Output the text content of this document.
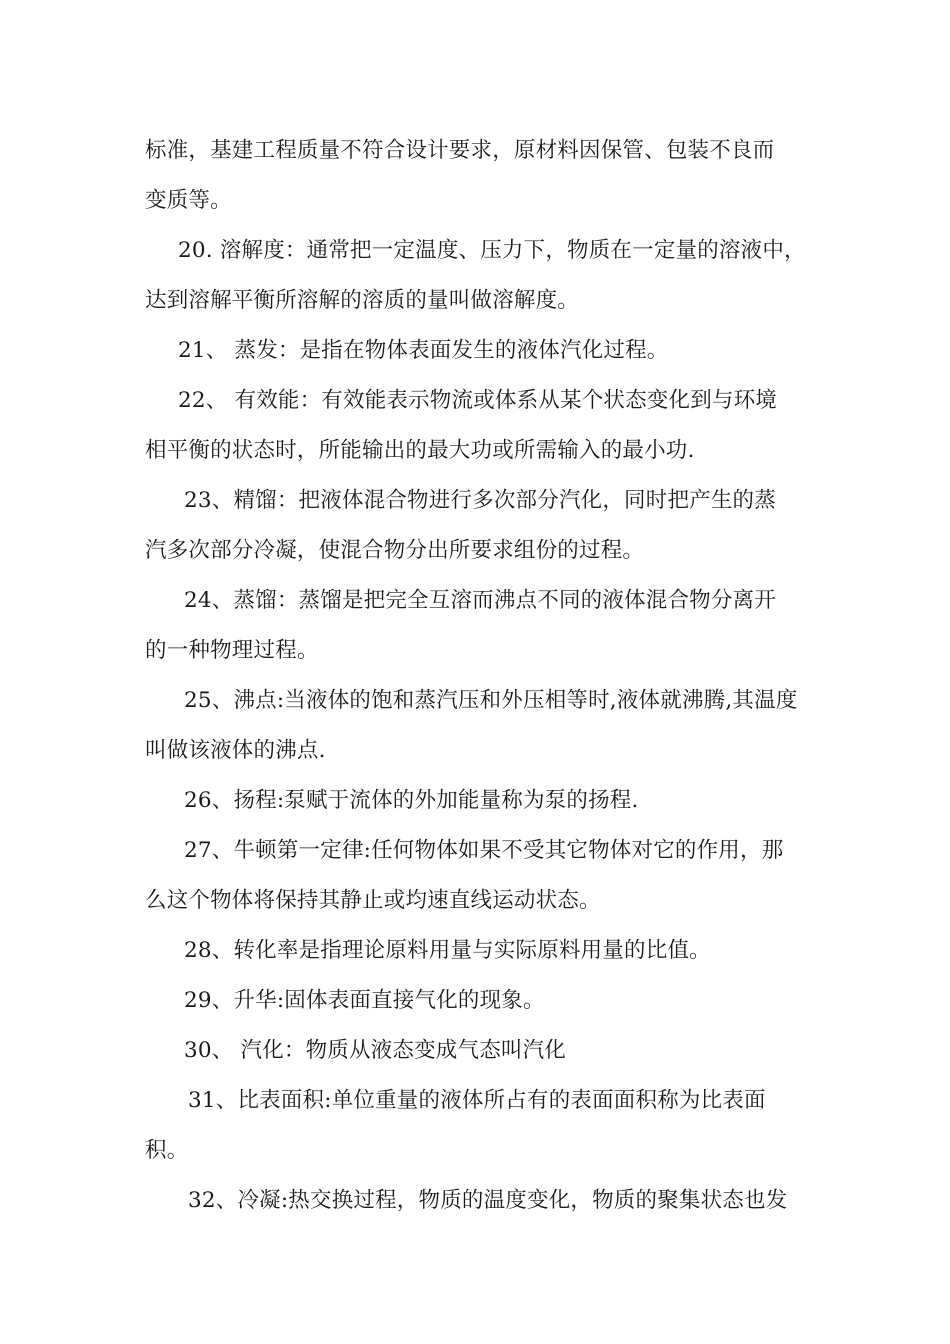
标准，基建工程质量不符合设计要求，原材料因保管、包装不良而
变质等。
20. 溶解度：通常把一定温度、压力下，物质在一定量的溶液中，
达到溶解平衡所溶解的溶质的量叫做溶解度。
21、 蒸发：是指在物体表面发生的液体汽化过程。
22、 有效能：有效能表示物流或体系从某个状态变化到与环境
相平衡的状态时，所能输出的最大功或所需输入的最小功.
23、精馏：把液体混合物进行多次部分汽化，同时把产生的蒸
汽多次部分冷凝，使混合物分出所要求组份的过程。
24、蒸馏：蒸馏是把完全互溶而沸点不同的液体混合物分离开
的一种物理过程。
25、沸点:当液体的饱和蒸汽压和外压相等时,液体就沸腾,其温度
叫做该液体的沸点.
26、扬程:泵赋于流体的外加能量称为泵的扬程.
27、牛顿第一定律:任何物体如果不受其它物体对它的作用，那
么这个物体将保持其静止或均速直线运动状态。
28、转化率是指理论原料用量与实际原料用量的比值。
29、升华:固体表面直接气化的现象。
30、 汽化：物质从液态变成气态叫汽化
31、比表面积:单位重量的液体所占有的表面面积称为比表面
积。
32、冷凝:热交换过程，物质的温度变化，物质的聚集状态也发
